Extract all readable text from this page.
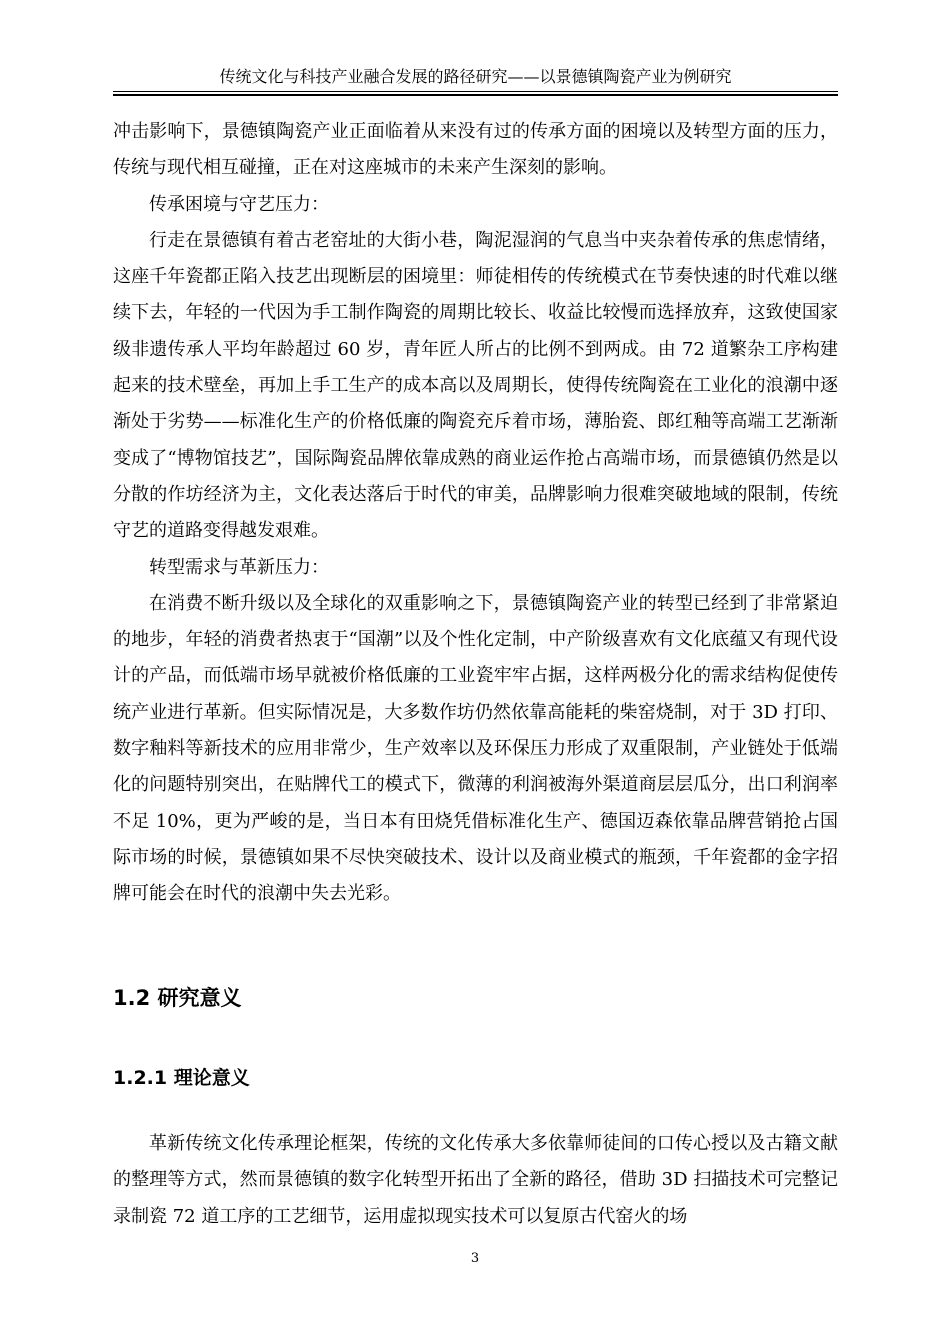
传统文化与科技产业融合发展的路径研究——以景德镇陶瓷产业为例研究

冲击影响下，景德镇陶瓷产业正面临着从来没有过的传承方面的困境以及转型方面的压力，传统与现代相互碰撞，正在对这座城市的未来产生深刻的影响。

传承困境与守艺压力：

行走在景德镇有着古老窑址的大街小巷，陶泥湿润的气息当中夹杂着传承的焦虑情绪，这座千年瓷都正陷入技艺出现断层的困境里：师徒相传的传统模式在节奏快速的时代难以继续下去，年轻的一代因为手工制作陶瓷的周期比较长、收益比较慢而选择放弃，这致使国家级非遗传承人平均年龄超过 60 岁，青年匠人所占的比例不到两成。由 72 道繁杂工序构建起来的技术壁垒，再加上手工生产的成本高以及周期长，使得传统陶瓷在工业化的浪潮中逐渐处于劣势——标准化生产的价格低廉的陶瓷充斥着市场，薄胎瓷、郎红釉等高端工艺渐渐变成了“博物馆技艺”，国际陶瓷品牌依靠成熟的商业运作抢占高端市场，而景德镇仍然是以分散的作坊经济为主，文化表达落后于时代的审美，品牌影响力很难突破地域的限制，传统守艺的道路变得越发艰难。

转型需求与革新压力：

在消费不断升级以及全球化的双重影响之下，景德镇陶瓷产业的转型已经到了非常紧迫的地步，年轻的消费者热衷于“国潮”以及个性化定制，中产阶级喜欢有文化底蕴又有现代设计的产品，而低端市场早就被价格低廉的工业瓷牢牢占据，这样两极分化的需求结构促使传统产业进行革新。但实际情况是，大多数作坊仍然依靠高能耗的柴窑烧制，对于 3D 打印、数字釉料等新技术的应用非常少，生产效率以及环保压力形成了双重限制，产业链处于低端化的问题特别突出，在贴牌代工的模式下，微薄的利润被海外渠道商层层瓜分，出口利润率不足 10%，更为严峻的是，当日本有田烧凭借标准化生产、德国迈森依靠品牌营销抢占国际市场的时候，景德镇如果不尽快突破技术、设计以及商业模式的瓶颈，千年瓷都的金字招牌可能会在时代的浪潮中失去光彩。

1.2 研究意义
1.2.1 理论意义

革新传统文化传承理论框架，传统的文化传承大多依靠师徒间的口传心授以及古籍文献的整理等方式，然而景德镇的数字化转型开拓出了全新的路径，借助 3D 扫描技术可完整记录制瓷 72 道工序的工艺细节，运用虚拟现实技术可以复原古代窑火的场

3
